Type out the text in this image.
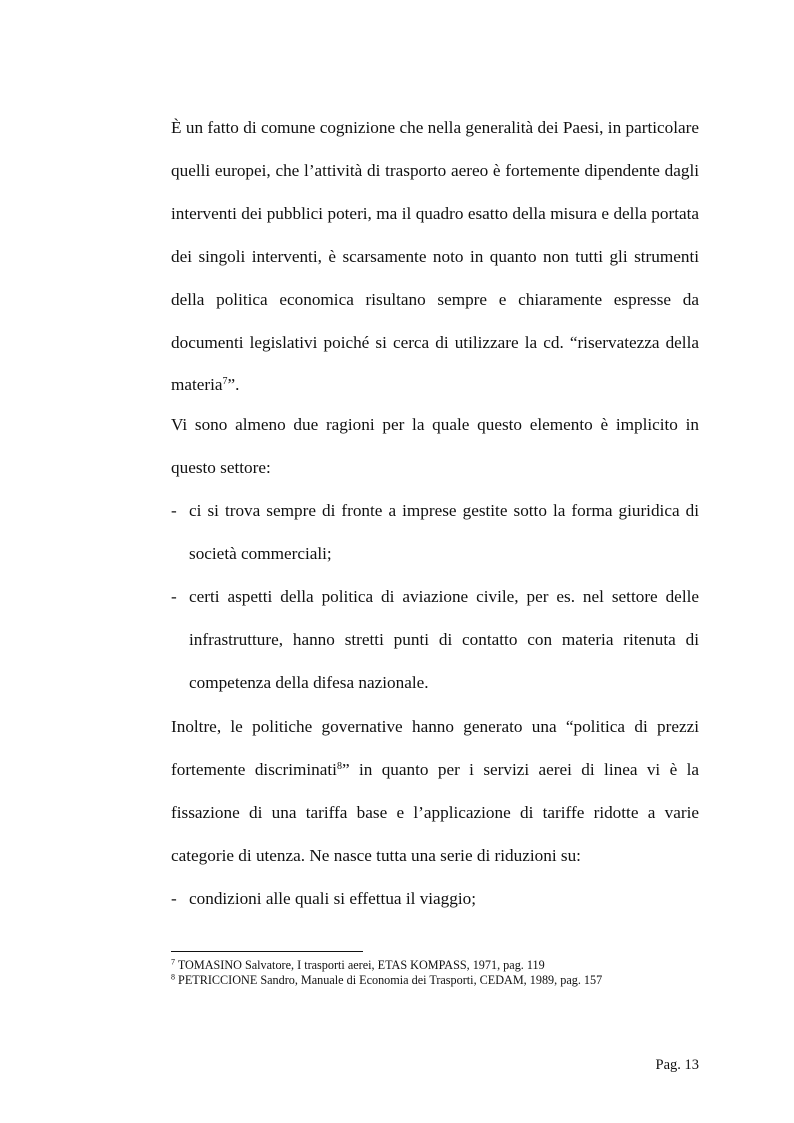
È un fatto di comune cognizione che nella generalità dei Paesi, in particolare quelli europei, che l’attività di trasporto aereo è fortemente dipendente dagli interventi dei pubblici poteri, ma il quadro esatto della misura e della portata dei singoli interventi, è scarsamente noto in quanto non tutti gli strumenti della politica economica risultano sempre e chiaramente espresse da documenti legislativi poiché si cerca di utilizzare la cd. “riservatezza della materia$^7$”.

Vi sono almeno due ragioni per la quale questo elemento è implicito in questo settore:

- ci si trova sempre di fronte a imprese gestite sotto la forma giuridica di società commerciali;

- certi aspetti della politica di aviazione civile, per es. nel settore delle infrastrutture, hanno stretti punti di contatto con materia ritenuta di competenza della difesa nazionale.

Inoltre, le politiche governative hanno generato una “politica di prezzi fortemente discriminati$^8$” in quanto per i servizi aerei di linea vi è la fissazione di una tariffa base e l’applicazione di tariffe ridotte a varie categorie di utenza. Ne nasce tutta una serie di riduzioni su:

- condizioni alle quali si effettua il viaggio;

$^7$ TOMASINO Salvatore, I trasporti aerei, ETAS KOMPASS, 1971, pag. 119
$^8$ PETRICCIONE Sandro, Manuale di Economia dei Trasporti, CEDAM, 1989, pag. 157
Pag. 13
